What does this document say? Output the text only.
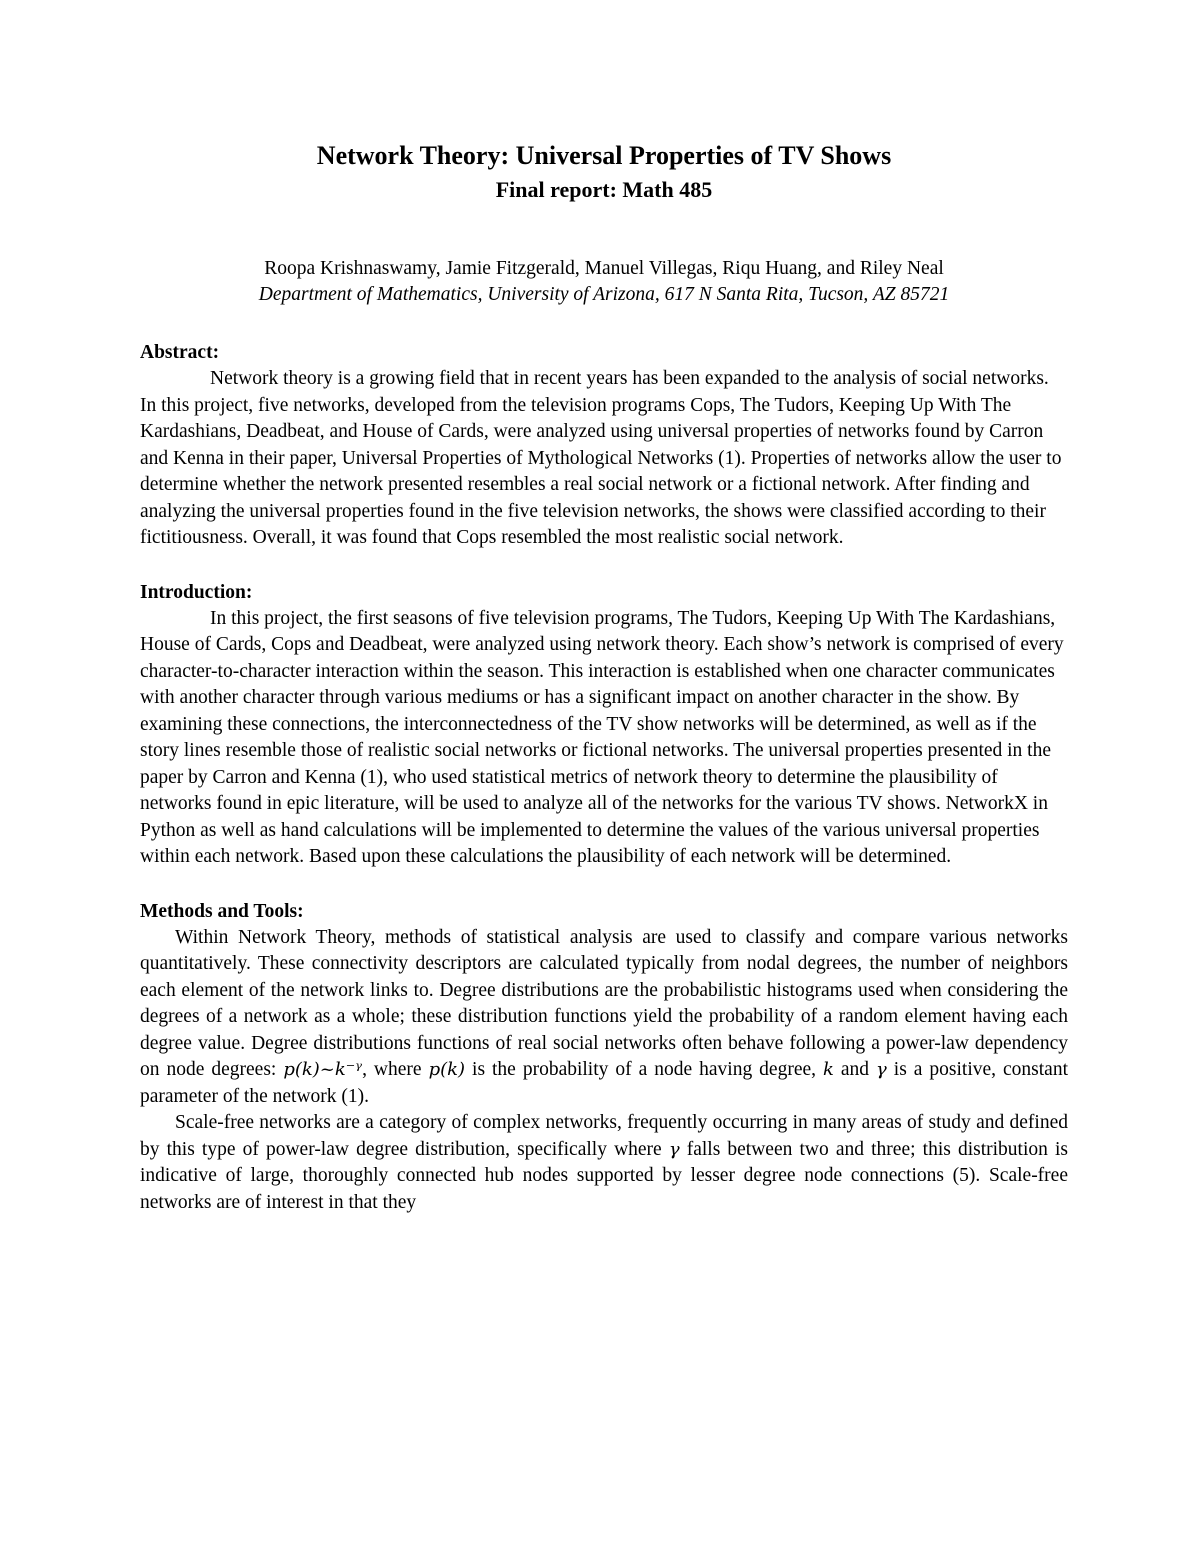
Network Theory: Universal Properties of TV Shows
Final report: Math 485
Roopa Krishnaswamy, Jamie Fitzgerald, Manuel Villegas, Riqu Huang, and Riley Neal
Department of Mathematics, University of Arizona, 617 N Santa Rita, Tucson, AZ 85721
Abstract:

Network theory is a growing field that in recent years has been expanded to the analysis of social networks. In this project, five networks, developed from the television programs Cops, The Tudors, Keeping Up With The Kardashians, Deadbeat, and House of Cards, were analyzed using universal properties of networks found by Carron and Kenna in their paper, Universal Properties of Mythological Networks (1). Properties of networks allow the user to determine whether the network presented resembles a real social network or a fictional network. After finding and analyzing the universal properties found in the five television networks, the shows were classified according to their fictitiousness. Overall, it was found that Cops resembled the most realistic social network.

Introduction:

In this project, the first seasons of five television programs, The Tudors, Keeping Up With The Kardashians, House of Cards, Cops and Deadbeat, were analyzed using network theory. Each show’s network is comprised of every character-to-character interaction within the season. This interaction is established when one character communicates with another character through various mediums or has a significant impact on another character in the show. By examining these connections, the interconnectedness of the TV show networks will be determined, as well as if the story lines resemble those of realistic social networks or fictional networks. The universal properties presented in the paper by Carron and Kenna (1), who used statistical metrics of network theory to determine the plausibility of networks found in epic literature, will be used to analyze all of the networks for the various TV shows. NetworkX in Python as well as hand calculations will be implemented to determine the values of the various universal properties within each network. Based upon these calculations the plausibility of each network will be determined.

Methods and Tools:

Within Network Theory, methods of statistical analysis are used to classify and compare various networks quantitatively. These connectivity descriptors are calculated typically from nodal degrees, the number of neighbors each element of the network links to. Degree distributions are the probabilistic histograms used when considering the degrees of a network as a whole; these distribution functions yield the probability of a random element having each degree value. Degree distributions functions of real social networks often behave following a power-law dependency on node degrees: p(k)~k⁻ᵞ, where p(k) is the probability of a node having degree, k and γ is a positive, constant parameter of the network (1).

Scale-free networks are a category of complex networks, frequently occurring in many areas of study and defined by this type of power-law degree distribution, specifically where γ falls between two and three; this distribution is indicative of large, thoroughly connected hub nodes supported by lesser degree node connections (5). Scale-free networks are of interest in that they
